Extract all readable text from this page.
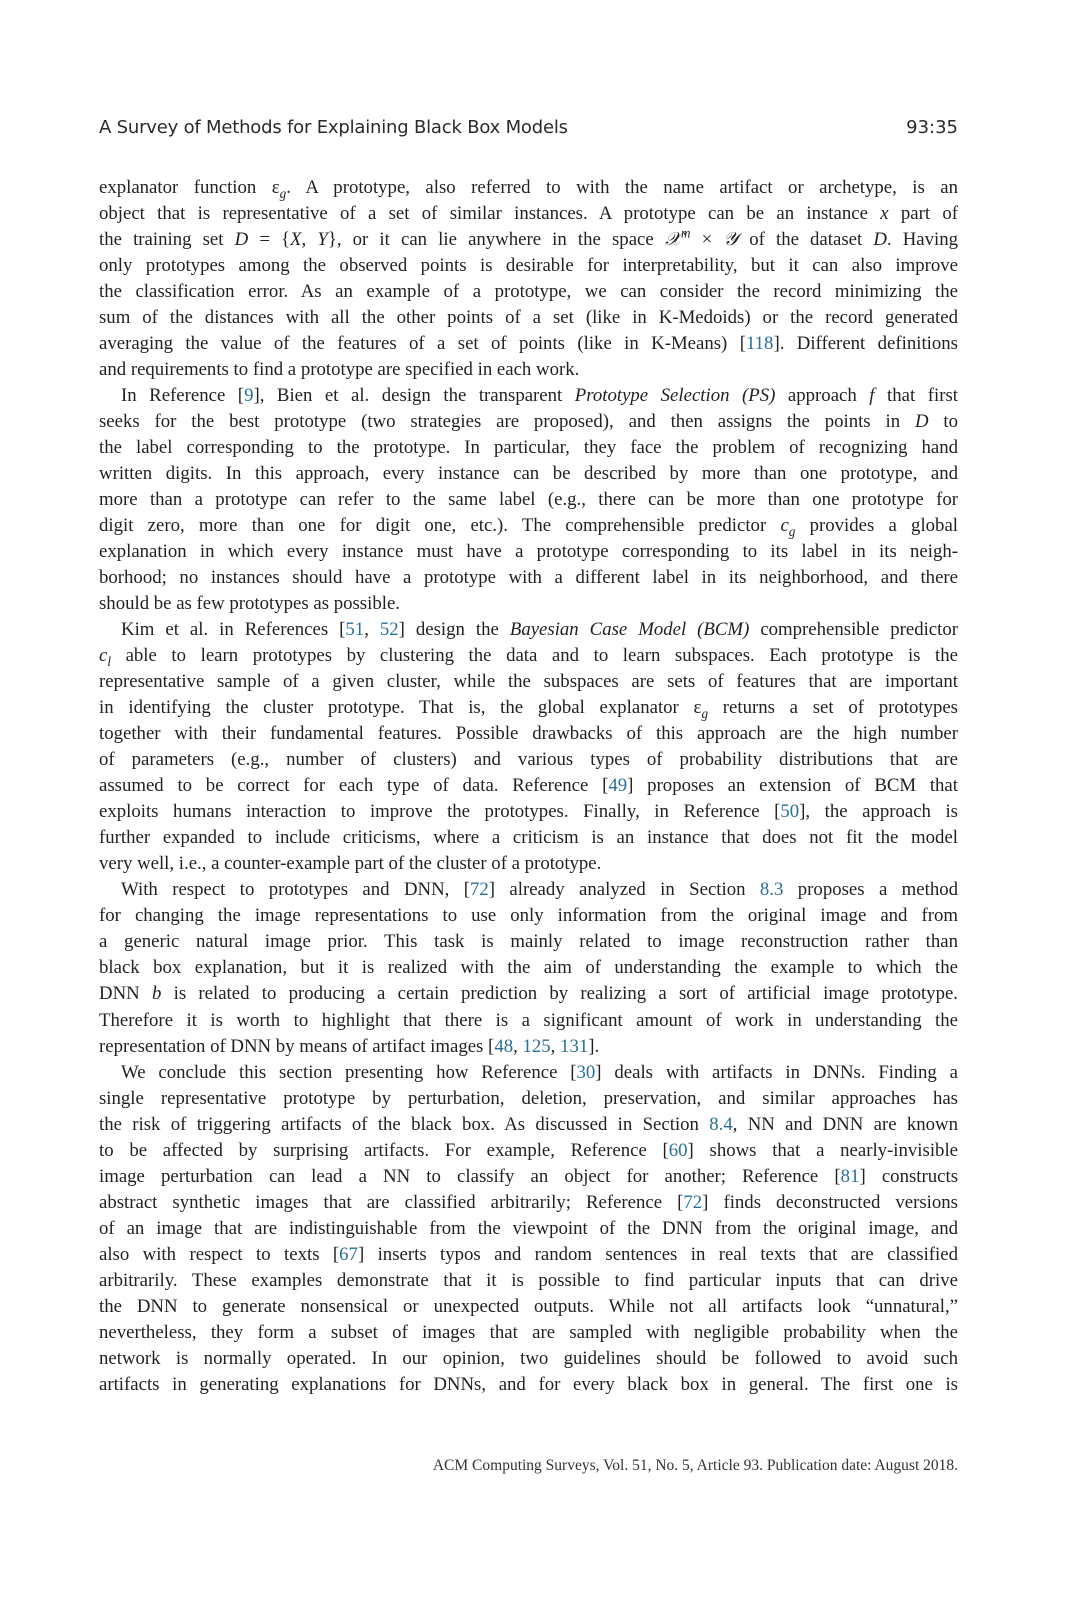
A Survey of Methods for Explaining Black Box Models	93:35
explanator function $\varepsilon_g$. A prototype, also referred to with the name artifact or archetype, is an
object that is representative of a set of similar instances. A prototype can be an instance x part of
the training set D = {X, Y}, or it can lie anywhere in the space 𝒳$^m$ × 𝒴 of the dataset D. Having
only prototypes among the observed points is desirable for interpretability, but it can also improve
the classification error. As an example of a prototype, we can consider the record minimizing the
sum of the distances with all the other points of a set (like in K-Medoids) or the record generated
averaging the value of the features of a set of points (like in K-Means) [118]. Different definitions
and requirements to find a prototype are specified in each work.
In Reference [9], Bien et al. design the transparent Prototype Selection (PS) approach f that first
seeks for the best prototype (two strategies are proposed), and then assigns the points in D to
the label corresponding to the prototype. In particular, they face the problem of recognizing hand
written digits. In this approach, every instance can be described by more than one prototype, and
more than a prototype can refer to the same label (e.g., there can be more than one prototype for
digit zero, more than one for digit one, etc.). The comprehensible predictor $c_g$ provides a global
explanation in which every instance must have a prototype corresponding to its label in its neigh-
borhood; no instances should have a prototype with a different label in its neighborhood, and there
should be as few prototypes as possible.
Kim et al. in References [51, 52] design the Bayesian Case Model (BCM) comprehensible predictor
$c_l$ able to learn prototypes by clustering the data and to learn subspaces. Each prototype is the
representative sample of a given cluster, while the subspaces are sets of features that are important
in identifying the cluster prototype. That is, the global explanator $\varepsilon_g$ returns a set of prototypes
together with their fundamental features. Possible drawbacks of this approach are the high number
of parameters (e.g., number of clusters) and various types of probability distributions that are
assumed to be correct for each type of data. Reference [49] proposes an extension of BCM that
exploits humans interaction to improve the prototypes. Finally, in Reference [50], the approach is
further expanded to include criticisms, where a criticism is an instance that does not fit the model
very well, i.e., a counter-example part of the cluster of a prototype.
With respect to prototypes and DNN, [72] already analyzed in Section 8.3 proposes a method
for changing the image representations to use only information from the original image and from
a generic natural image prior. This task is mainly related to image reconstruction rather than
black box explanation, but it is realized with the aim of understanding the example to which the
DNN b is related to producing a certain prediction by realizing a sort of artificial image prototype.
Therefore it is worth to highlight that there is a significant amount of work in understanding the
representation of DNN by means of artifact images [48, 125, 131].
We conclude this section presenting how Reference [30] deals with artifacts in DNNs. Finding a
single representative prototype by perturbation, deletion, preservation, and similar approaches has
the risk of triggering artifacts of the black box. As discussed in Section 8.4, NN and DNN are known
to be affected by surprising artifacts. For example, Reference [60] shows that a nearly-invisible
image perturbation can lead a NN to classify an object for another; Reference [81] constructs
abstract synthetic images that are classified arbitrarily; Reference [72] finds deconstructed versions
of an image that are indistinguishable from the viewpoint of the DNN from the original image, and
also with respect to texts [67] inserts typos and random sentences in real texts that are classified
arbitrarily. These examples demonstrate that it is possible to find particular inputs that can drive
the DNN to generate nonsensical or unexpected outputs. While not all artifacts look “unnatural,”
nevertheless, they form a subset of images that are sampled with negligible probability when the
network is normally operated. In our opinion, two guidelines should be followed to avoid such
artifacts in generating explanations for DNNs, and for every black box in general. The first one is
ACM Computing Surveys, Vol. 51, No. 5, Article 93. Publication date: August 2018.
